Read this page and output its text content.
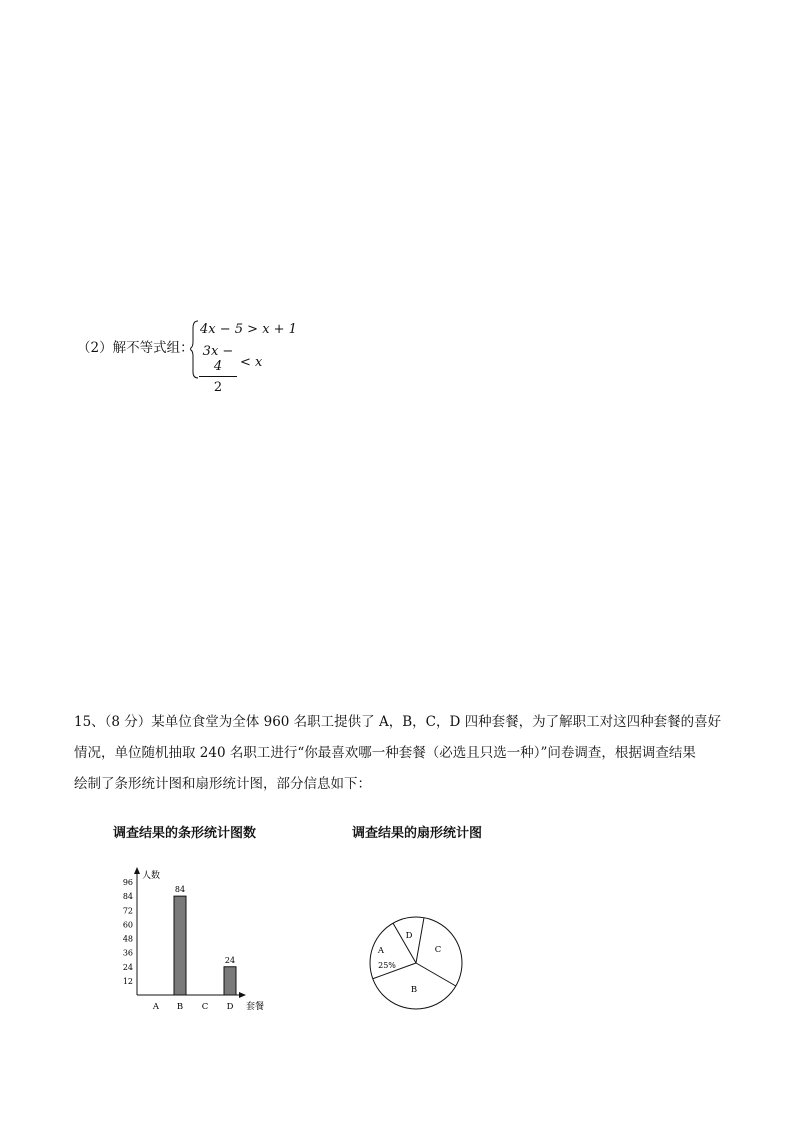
（2）解不等式组：
4x − 5 > x + 1
3x − 4
2
< x
15、（8 分）某单位食堂为全体 960 名职工提供了 A，B，C，D 四种套餐，为了解职工对这四种套餐的喜好
情况，单位随机抽取 240 名职工进行“你最喜欢哪一种套餐（必选且只选一种）”问卷调查，根据调查结果
绘制了条形统计图和扇形统计图，部分信息如下：
调查结果的条形统计图数	调查结果的扇形统计图
人数
套餐
12
24
36
48
60
72
84
96
A B
84
C D
24
A
B
C
D
25%
